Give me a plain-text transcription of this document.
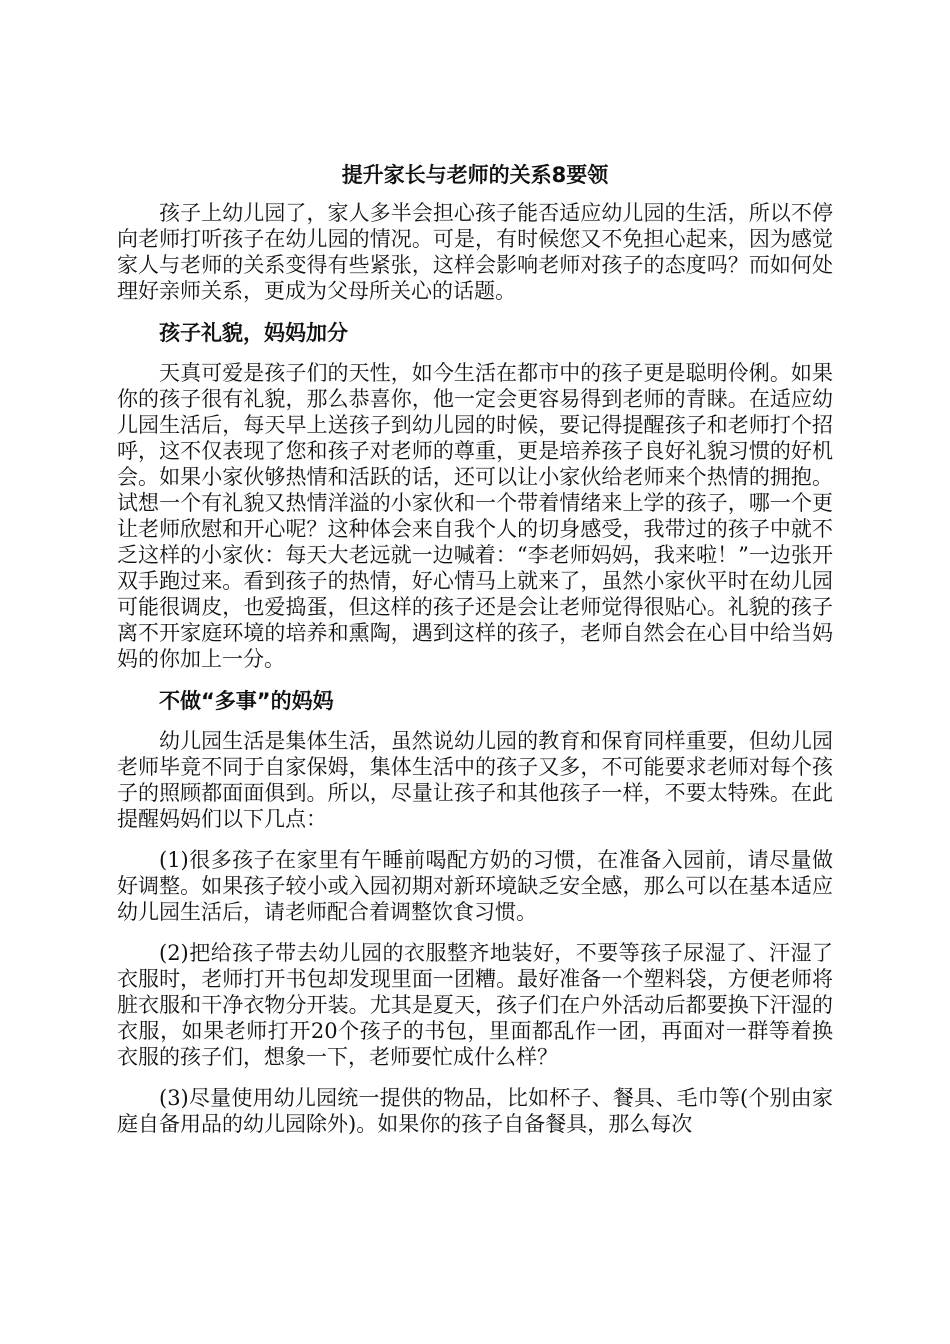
提升家长与老师的关系8要领

孩子上幼儿园了，家人多半会担心孩子能否适应幼儿园的生活，所以不停向老师打听孩子在幼儿园的情况。可是，有时候您又不免担心起来，因为感觉家人与老师的关系变得有些紧张，这样会影响老师对孩子的态度吗？而如何处理好亲师关系，更成为父母所关心的话题。

孩子礼貌，妈妈加分

天真可爱是孩子们的天性，如今生活在都市中的孩子更是聪明伶俐。如果你的孩子很有礼貌，那么恭喜你，他一定会更容易得到老师的青睐。在适应幼儿园生活后，每天早上送孩子到幼儿园的时候，要记得提醒孩子和老师打个招呼，这不仅表现了您和孩子对老师的尊重，更是培养孩子良好礼貌习惯的好机会。如果小家伙够热情和活跃的话，还可以让小家伙给老师来个热情的拥抱。试想一个有礼貌又热情洋溢的小家伙和一个带着情绪来上学的孩子，哪一个更让老师欣慰和开心呢？这种体会来自我个人的切身感受，我带过的孩子中就不乏这样的小家伙：每天大老远就一边喊着：“李老师妈妈，我来啦！”一边张开双手跑过来。看到孩子的热情，好心情马上就来了，虽然小家伙平时在幼儿园可能很调皮，也爱捣蛋，但这样的孩子还是会让老师觉得很贴心。礼貌的孩子离不开家庭环境的培养和熏陶，遇到这样的孩子，老师自然会在心目中给当妈妈的你加上一分。

不做“多事”的妈妈

幼儿园生活是集体生活，虽然说幼儿园的教育和保育同样重要，但幼儿园老师毕竟不同于自家保姆，集体生活中的孩子又多，不可能要求老师对每个孩子的照顾都面面俱到。所以，尽量让孩子和其他孩子一样，不要太特殊。在此提醒妈妈们以下几点：

(1)很多孩子在家里有午睡前喝配方奶的习惯，在准备入园前，请尽量做好调整。如果孩子较小或入园初期对新环境缺乏安全感，那么可以在基本适应幼儿园生活后，请老师配合着调整饮食习惯。

(2)把给孩子带去幼儿园的衣服整齐地装好，不要等孩子尿湿了、汗湿了衣服时，老师打开书包却发现里面一团糟。最好准备一个塑料袋，方便老师将脏衣服和干净衣物分开装。尤其是夏天，孩子们在户外活动后都要换下汗湿的衣服，如果老师打开20个孩子的书包，里面都乱作一团，再面对一群等着换衣服的孩子们，想象一下，老师要忙成什么样？

(3)尽量使用幼儿园统一提供的物品，比如杯子、餐具、毛巾等(个别由家庭自备用品的幼儿园除外)。如果你的孩子自备餐具，那么每次
